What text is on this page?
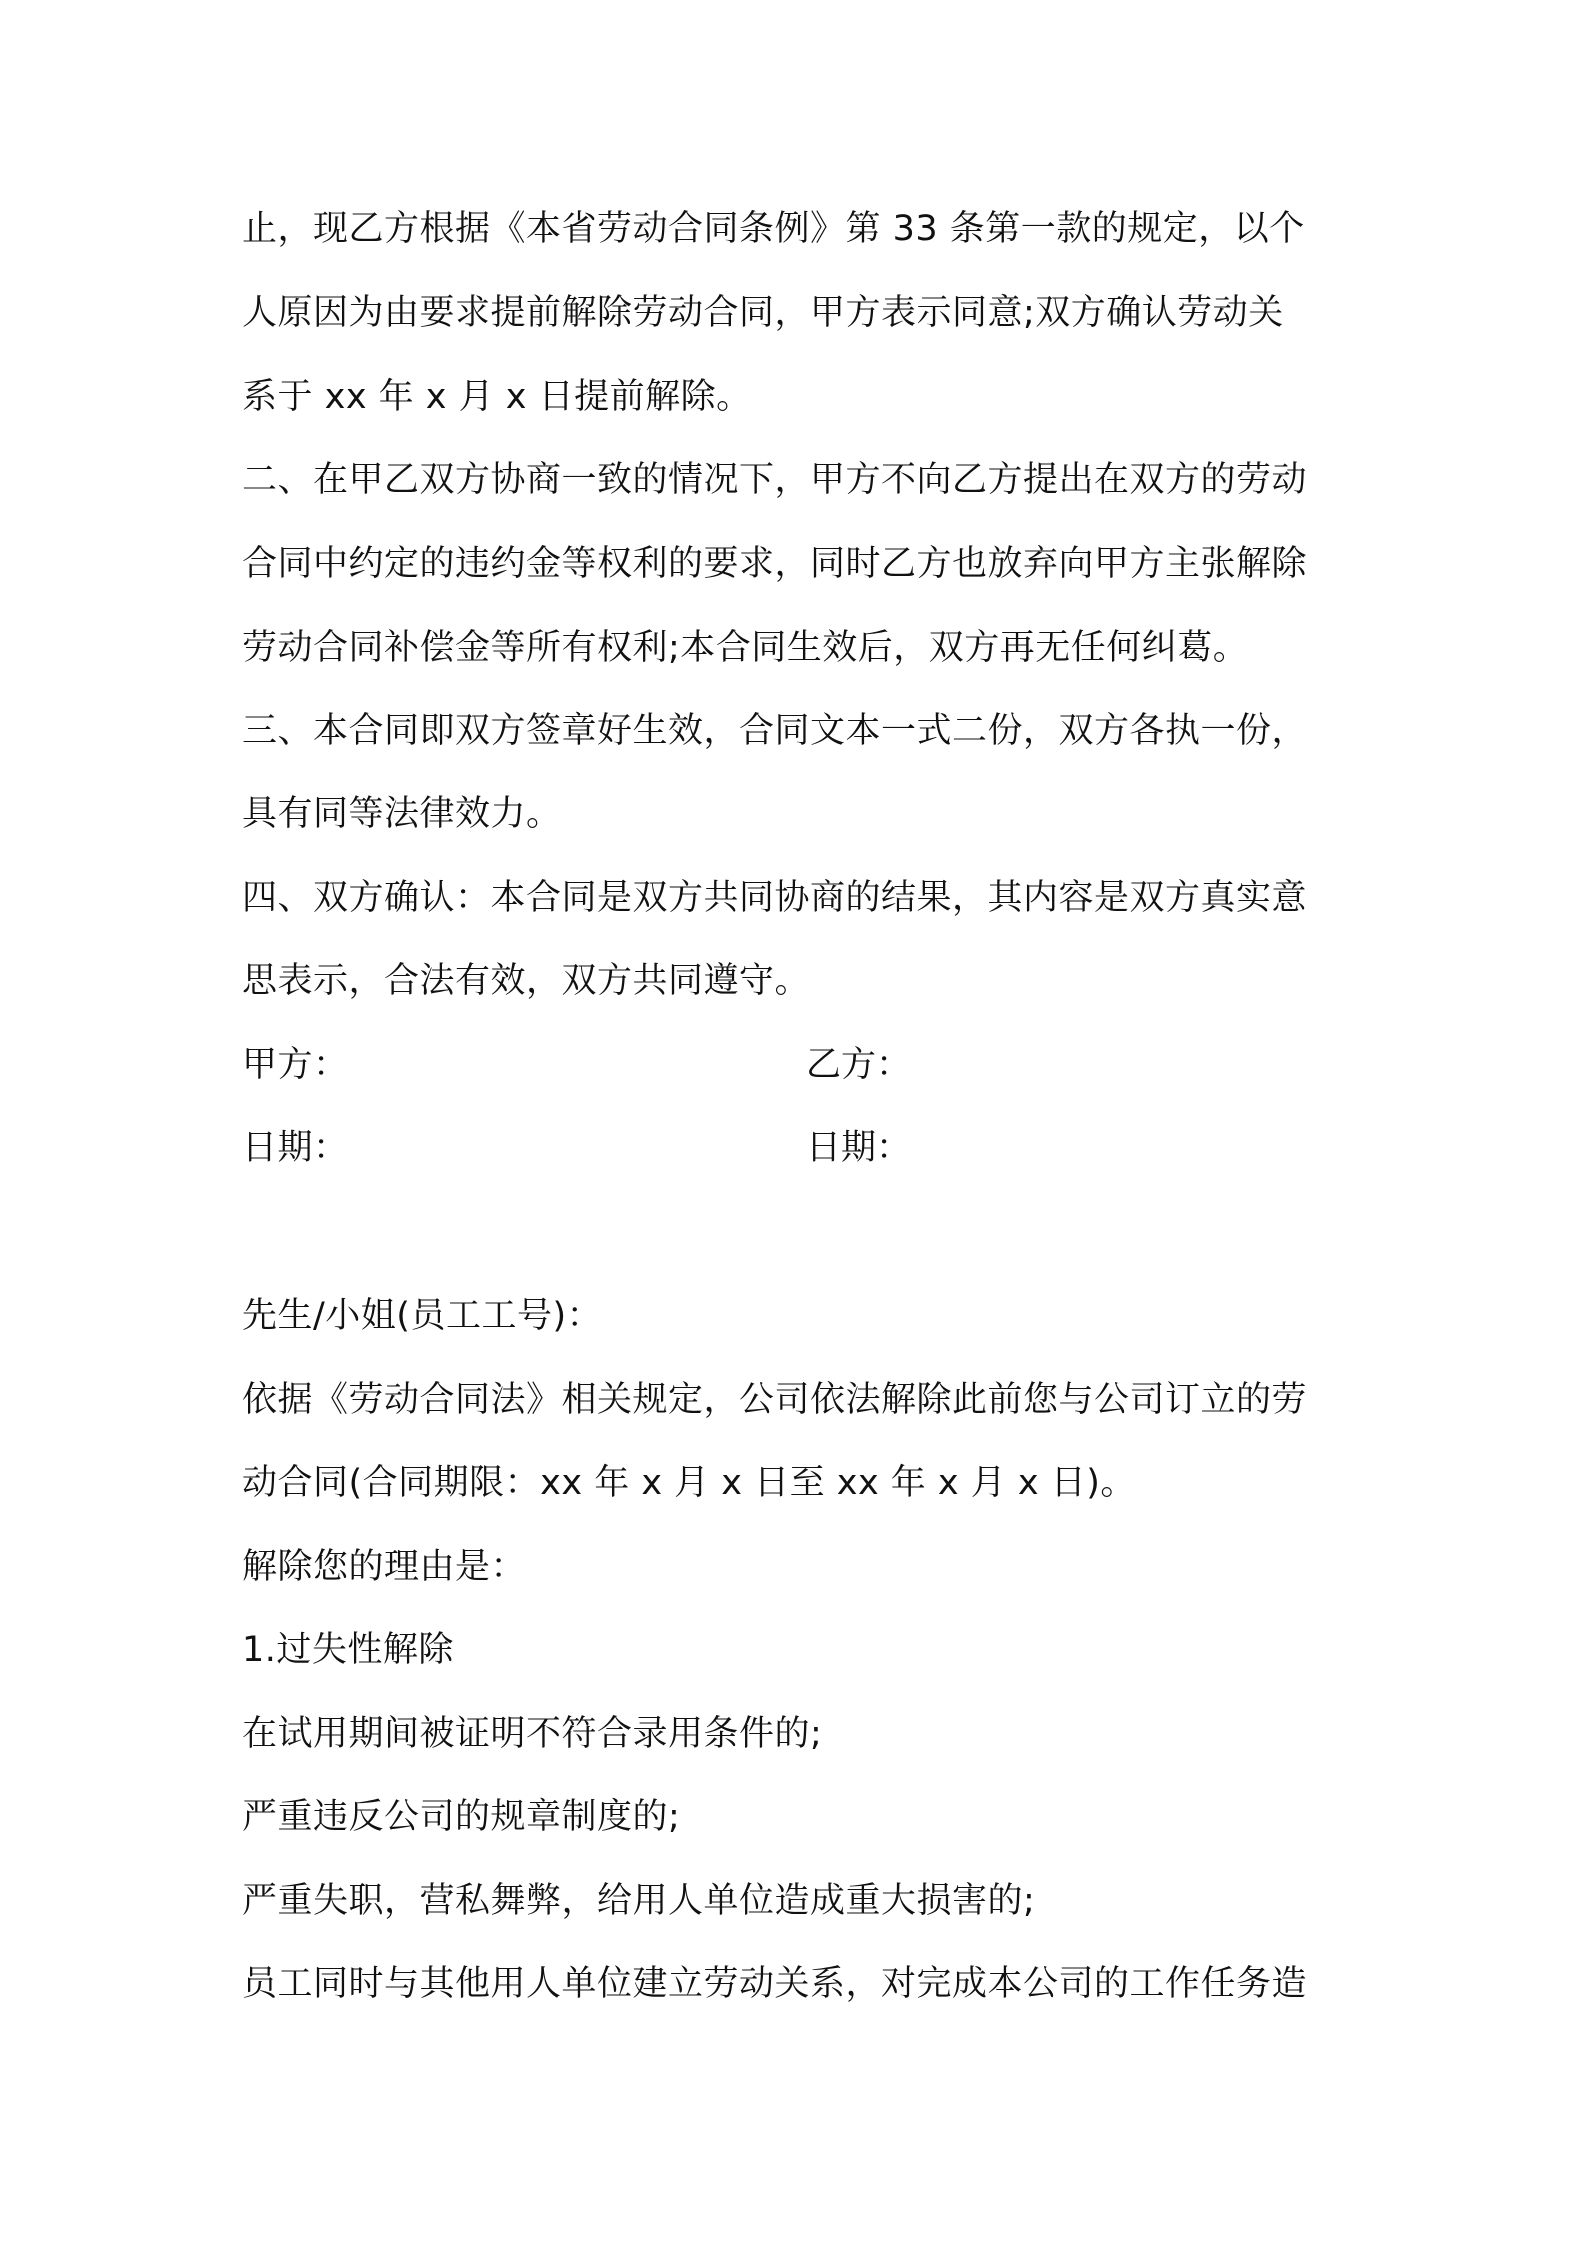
止，现乙方根据《本省劳动合同条例》第 33 条第一款的规定，以个
人原因为由要求提前解除劳动合同，甲方表示同意;双方确认劳动关
系于 xx 年 x 月 x 日提前解除。
二、在甲乙双方协商一致的情况下，甲方不向乙方提出在双方的劳动
合同中约定的违约金等权利的要求，同时乙方也放弃向甲方主张解除
劳动合同补偿金等所有权利;本合同生效后，双方再无任何纠葛。
三、本合同即双方签章好生效，合同文本一式二份，双方各执一份，
具有同等法律效力。
四、双方确认：本合同是双方共同协商的结果，其内容是双方真实意
思表示，合法有效，双方共同遵守。
甲方：	乙方：
日期：	日期：
先生/小姐(员工工号)：
依据《劳动合同法》相关规定，公司依法解除此前您与公司订立的劳
动合同(合同期限：xx 年 x 月 x 日至 xx 年 x 月 x 日)。
解除您的理由是：
1.过失性解除
在试用期间被证明不符合录用条件的;
严重违反公司的规章制度的;
严重失职，营私舞弊，给用人单位造成重大损害的;
员工同时与其他用人单位建立劳动关系，对完成本公司的工作任务造
